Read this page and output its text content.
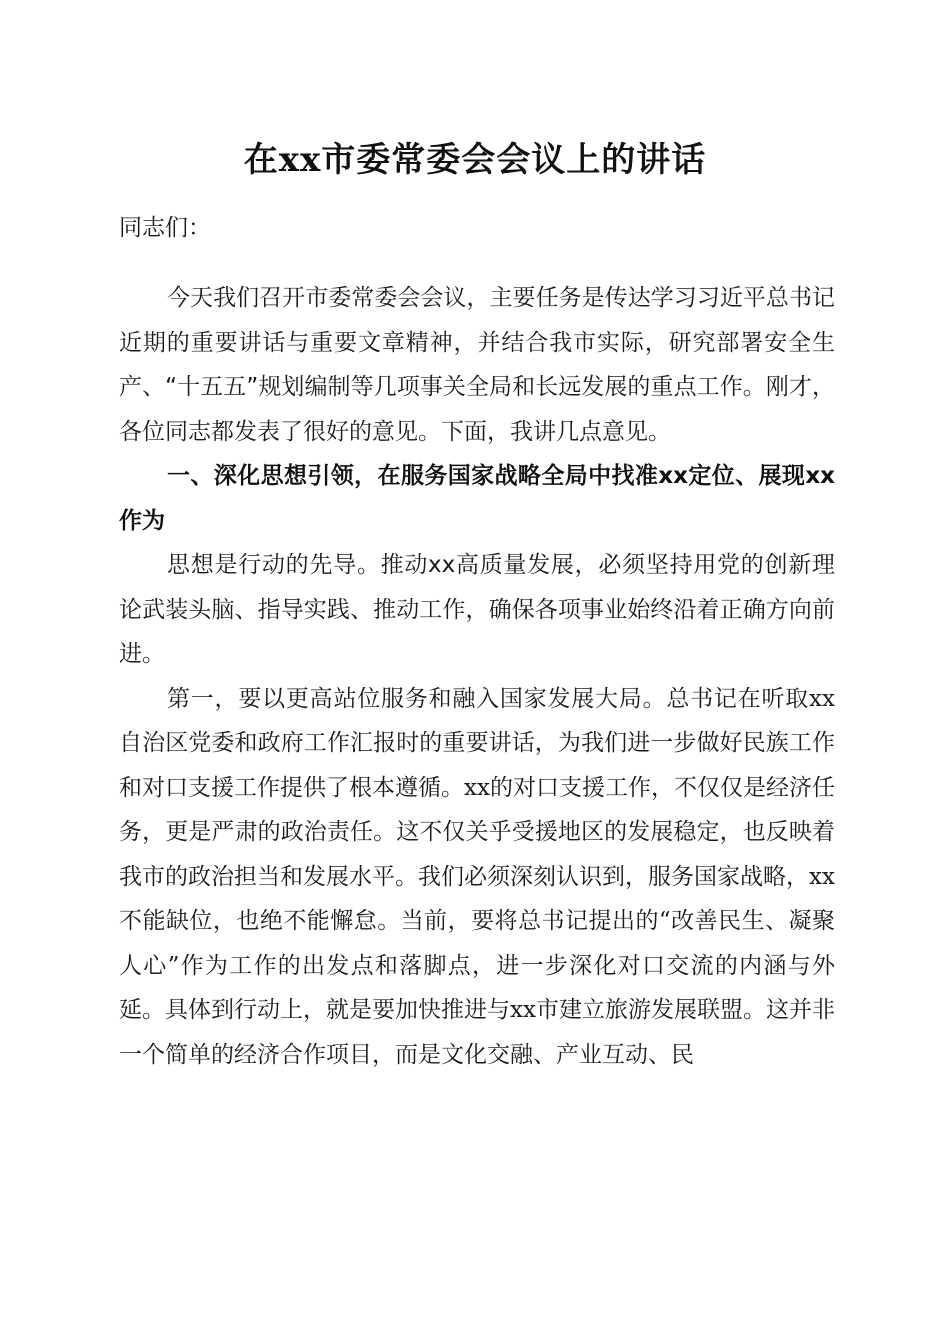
在xx市委常委会会议上的讲话
同志们：

今天我们召开市委常委会会议，主要任务是传达学习习近平总书记近期的重要讲话与重要文章精神，并结合我市实际，研究部署安全生产、“十五五”规划编制等几项事关全局和长远发展的重点工作。刚才，各位同志都发表了很好的意见。下面，我讲几点意见。

一、深化思想引领，在服务国家战略全局中找准xx定位、展现xx作为

思想是行动的先导。推动xx高质量发展，必须坚持用党的创新理论武装头脑、指导实践、推动工作，确保各项事业始终沿着正确方向前进。

第一，要以更高站位服务和融入国家发展大局。总书记在听取xx自治区党委和政府工作汇报时的重要讲话，为我们进一步做好民族工作和对口支援工作提供了根本遵循。xx的对口支援工作，不仅仅是经济任务，更是严肃的政治责任。这不仅关乎受援地区的发展稳定，也反映着我市的政治担当和发展水平。我们必须深刻认识到，服务国家战略，xx不能缺位，也绝不能懈怠。当前，要将总书记提出的“改善民生、凝聚人心”作为工作的出发点和落脚点，进一步深化对口交流的内涵与外延。具体到行动上，就是要加快推进与xx市建立旅游发展联盟。这并非一个简单的经济合作项目，而是文化交融、产业互动、民
